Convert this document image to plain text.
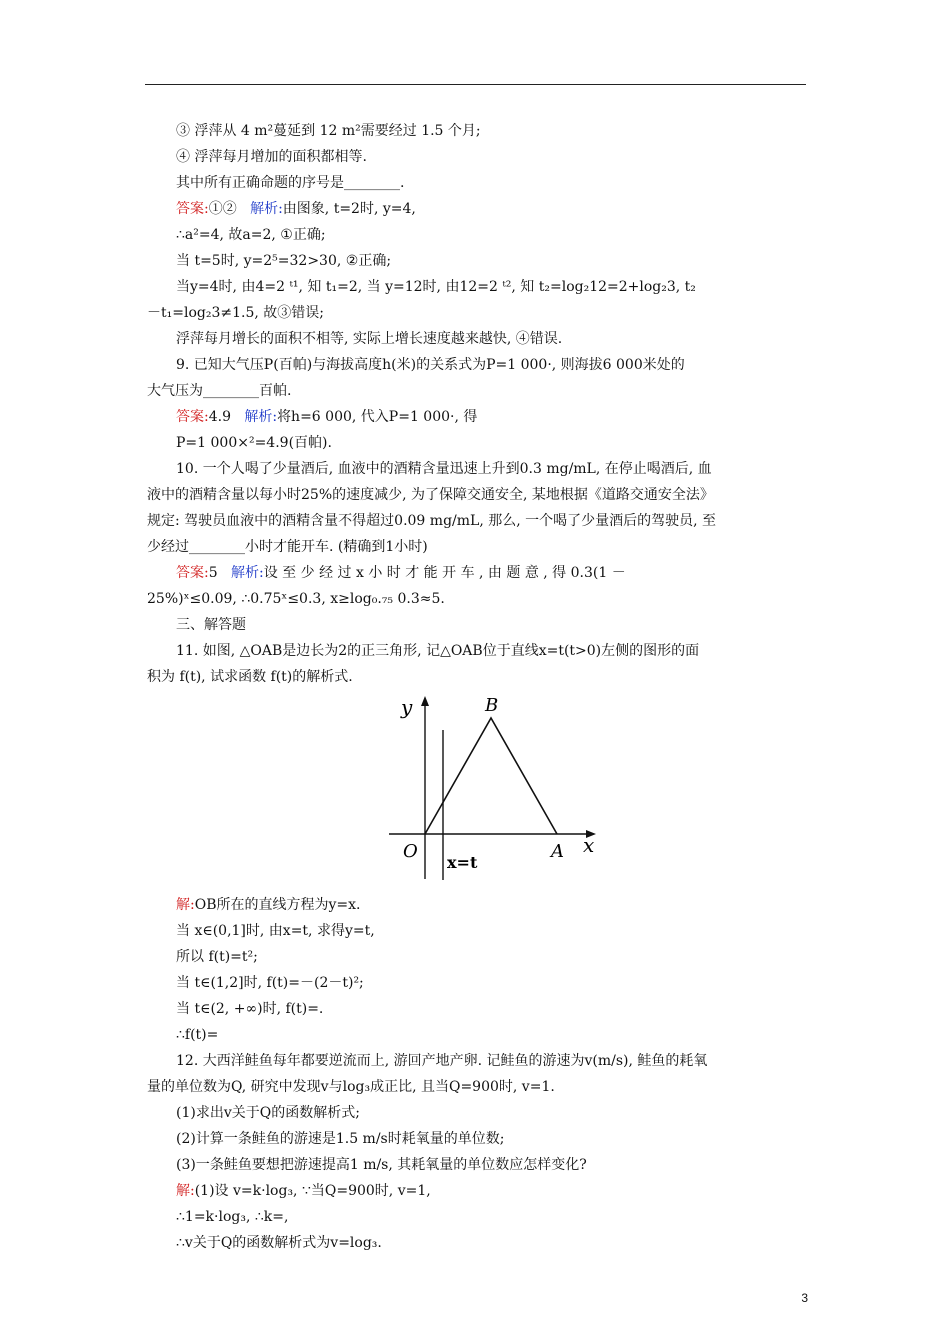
③ 浮萍从 4 m²蔓延到 12 m²需要经过 1.5 个月;
④ 浮萍每月增加的面积都相等.
其中所有正确命题的序号是________.
答案:①② 解析:由图象, t=2时, y=4,
∴a²=4, 故a=2, ①正确;
当 t=5时, y=2⁵=32>30, ②正确;
当y=4时, 由4=2 ᵗ¹, 知 t₁=2, 当 y=12时, 由12=2 ᵗ², 知 t₂=log₂12=2+log₂3, t₂
－t₁=log₂3≠1.5, 故③错误;
浮萍每月增长的面积不相等, 实际上增长速度越来越快, ④错误.
9. 已知大气压P(百帕)与海拔高度h(米)的关系式为P=1 000·, 则海拔6 000米处的
大气压为________百帕.
答案:4.9 解析:将h=6 000, 代入P=1 000·, 得
P=1 000×²=4.9(百帕).
10. 一个人喝了少量酒后, 血液中的酒精含量迅速上升到0.3 mg/mL, 在停止喝酒后, 血
液中的酒精含量以每小时25%的速度减少, 为了保障交通安全, 某地根据《道路交通安全法》
规定: 驾驶员血液中的酒精含量不得超过0.09 mg/mL, 那么, 一个喝了少量酒后的驾驶员, 至
少经过________小时才能开车. (精确到1小时)
答案:5 解析:设 至 少 经 过 x 小 时 才 能 开 车 , 由 题 意 , 得 0.3(1 －
25%)ˣ≤0.09, ∴0.75ˣ≤0.3, x≥log₀.₇₅ 0.3≈5.
三、解答题
11. 如图, △OAB是边长为2的正三角形, 记△OAB位于直线x=t(t>0)左侧的图形的面
积为 f(t), 试求函数 f(t)的解析式.
y
x
O	A
B
x=t
解:OB所在的直线方程为y=x.
当 x∈(0,1]时, 由x=t, 求得y=t,
所以 f(t)=t²;
当 t∈(1,2]时, f(t)=－(2－t)²;
当 t∈(2, +∞)时, f(t)=.
∴f(t)=
12. 大西洋鲑鱼每年都要逆流而上, 游回产地产卵. 记鲑鱼的游速为v(m/s), 鲑鱼的耗氧
量的单位数为Q, 研究中发现v与log₃成正比, 且当Q=900时, v=1.
(1)求出v关于Q的函数解析式;
(2)计算一条鲑鱼的游速是1.5 m/s时耗氧量的单位数;
(3)一条鲑鱼要想把游速提高1 m/s, 其耗氧量的单位数应怎样变化?
解:(1)设 v=k·log₃, ∵当Q=900时, v=1,
∴1=k·log₃, ∴k=,
∴v关于Q的函数解析式为v=log₃.
3
